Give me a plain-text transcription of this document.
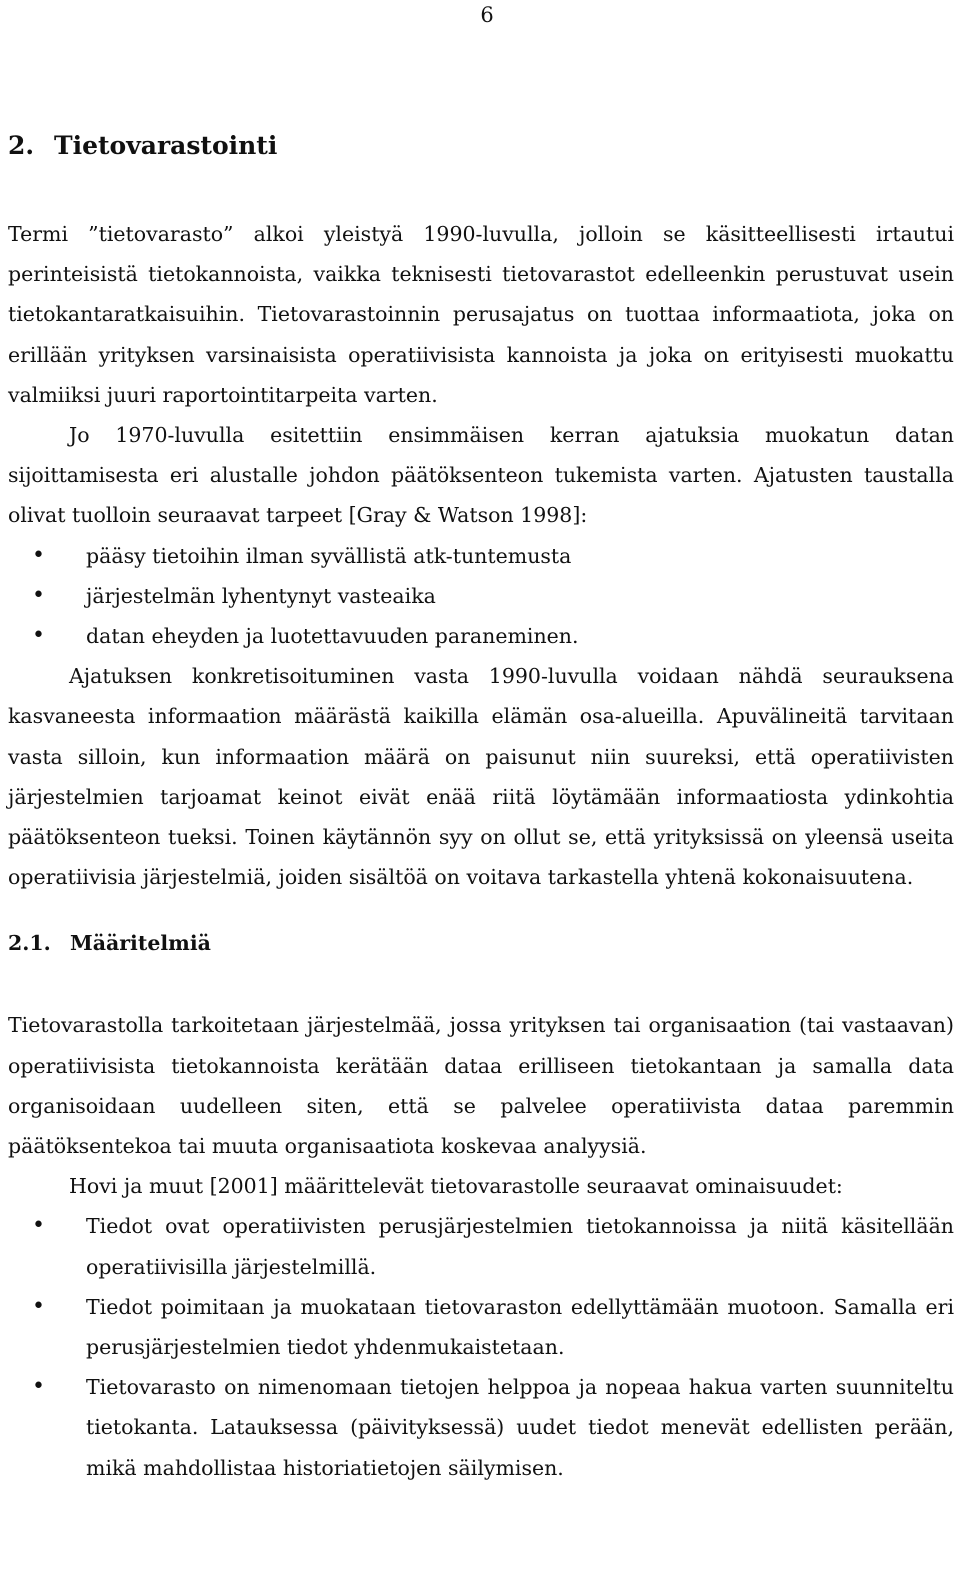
6
2. Tietovarastointi

Termi ”tietovarasto” alkoi yleistyä 1990-luvulla, jolloin se käsitteellisesti irtautui perinteisistä tietokannoista, vaikka teknisesti tietovarastot edelleenkin perustuvat usein tietokantaratkaisuihin. Tietovarastoinnin perusajatus on tuottaa informaatiota, joka on erillään yrityksen varsinaisista operatiivisista kannoista ja joka on erityisesti muokattu valmiiksi juuri raportointitarpeita varten.

Jo 1970-luvulla esitettiin ensimmäisen kerran ajatuksia muokatun datan sijoittamisesta eri alustalle johdon päätöksenteon tukemista varten. Ajatusten taustalla olivat tuolloin seuraavat tarpeet [Gray & Watson 1998]:

• pääsy tietoihin ilman syvällistä atk-tuntemusta
• järjestelmän lyhentynyt vasteaika
• datan eheyden ja luotettavuuden paraneminen.

Ajatuksen konkretisoituminen vasta 1990-luvulla voidaan nähdä seurauksena kasvaneesta informaation määrästä kaikilla elämän osa-alueilla. Apuvälineitä tarvitaan vasta silloin, kun informaation määrä on paisunut niin suureksi, että operatiivisten järjestelmien tarjoamat keinot eivät enää riitä löytämään informaatiosta ydinkohtia päätöksenteon tueksi. Toinen käytännön syy on ollut se, että yrityksissä on yleensä useita operatiivisia järjestelmiä, joiden sisältöä on voitava tarkastella yhtenä kokonaisuutena.

2.1. Määritelmiä

Tietovarastolla tarkoitetaan järjestelmää, jossa yrityksen tai organisaation (tai vastaavan) operatiivisista tietokannoista kerätään dataa erilliseen tietokantaan ja samalla data organisoidaan uudelleen siten, että se palvelee operatiivista dataa paremmin päätöksentekoa tai muuta organisaatiota koskevaa analyysiä.

Hovi ja muut [2001] määrittelevät tietovarastolle seuraavat ominaisuudet:

• Tiedot ovat operatiivisten perusjärjestelmien tietokannoissa ja niitä käsitellään operatiivisilla järjestelmillä.
• Tiedot poimitaan ja muokataan tietovaraston edellyttämään muotoon. Samalla eri perusjärjestelmien tiedot yhdenmukaistetaan.
• Tietovarasto on nimenomaan tietojen helppoa ja nopeaa hakua varten suunniteltu tietokanta. Latauksessa (päivityksessä) uudet tiedot menevät edellisten perään, mikä mahdollistaa historiatietojen säilymisen.
